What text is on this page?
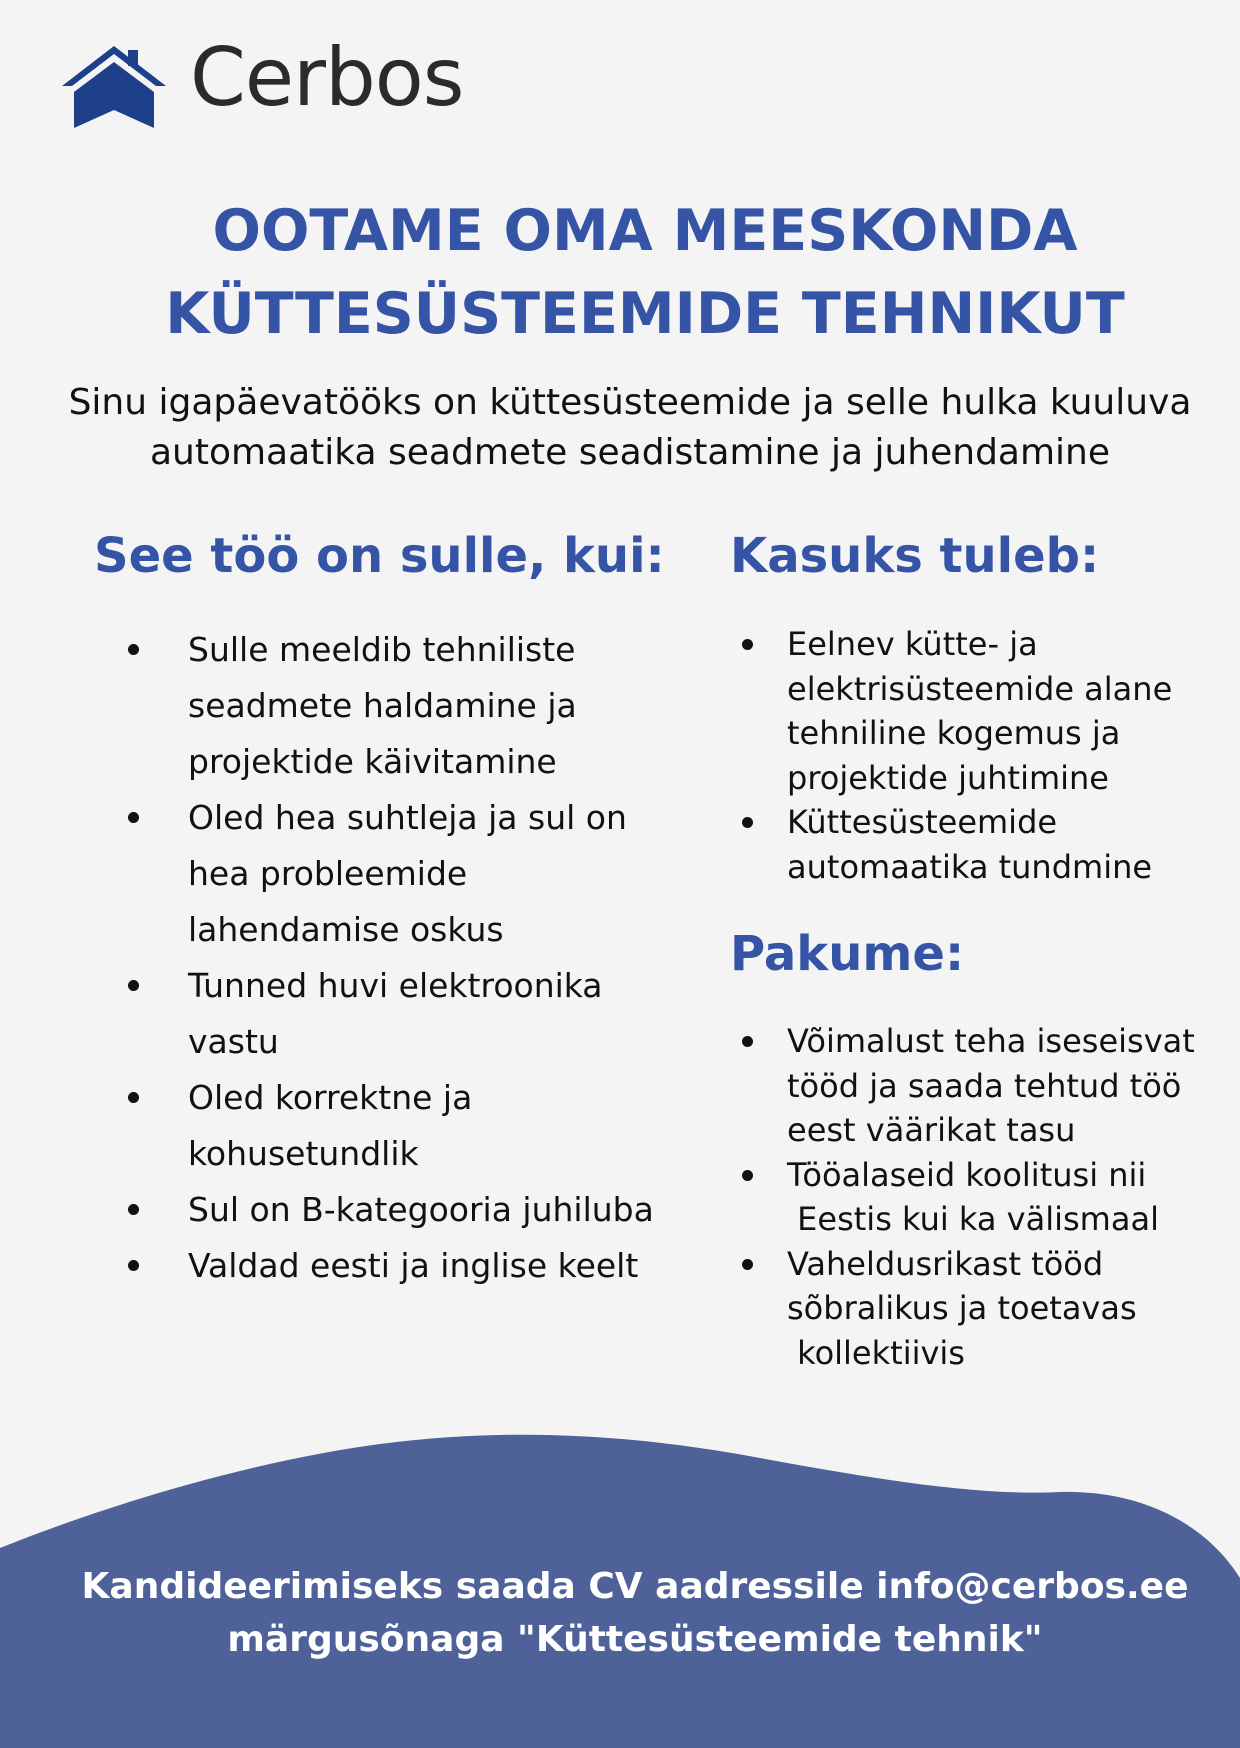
Cerbos
OOTAME OMA MEESKONDA
KÜTTESÜSTEEMIDE TEHNIKUT
Sinu igapäevatööks on küttesüsteemide ja selle hulka kuuluva
automaatika seadmete seadistamine ja juhendamine
See töö on sulle, kui:
Sulle meeldib tehniliste
seadmete haldamine ja
projektide käivitamine
Oled hea suhtleja ja sul on
hea probleemide
lahendamise oskus
Tunned huvi elektroonika
vastu
Oled korrektne ja
kohusetundlik
Sul on B-kategooria juhiluba
Valdad eesti ja inglise keelt
Kasuks tuleb:
Eelnev kütte- ja
elektrisüsteemide alane
tehniline kogemus ja
projektide juhtimine
Küttesüsteemide
automaatika tundmine
Pakume:
Võimalust teha iseseisvat
tööd ja saada tehtud töö
eest väärikat tasu
Tööalaseid koolitusi nii
Eestis kui ka välismaal
Vaheldusrikast tööd
sõbralikus ja toetavas
kollektiivis
Kandideerimiseks saada CV aadressile info@cerbos.ee
märgusõnaga "Küttesüsteemide tehnik"
